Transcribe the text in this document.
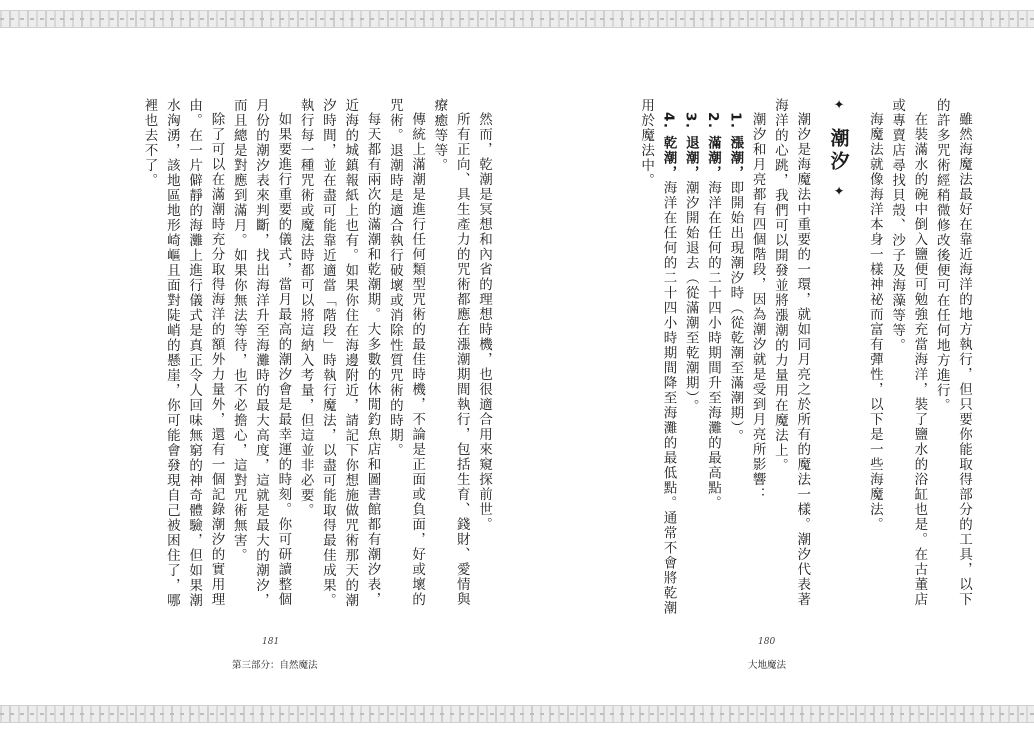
雖然海魔法最好在靠近海洋的地方執行，但只要你能取得部分的工具，以下的許多咒術經稍微修改後便可在任何地方進行。

在裝滿水的碗中倒入鹽便可勉強充當海洋，裝了鹽水的浴缸也是。在古董店或專賣店尋找貝殼、沙子及海藻等等。

海魔法就像海洋本身一樣神祕而富有彈性，以下是一些海魔法。

✦ 潮汐 ✦

潮汐是海魔法中重要的一環，就如同月亮之於所有的魔法一樣。潮汐代表著海洋的心跳，我們可以開發並將漲潮的力量用在魔法上。

潮汐和月亮都有四個階段，因為潮汐就是受到月亮所影響：

1. 漲潮，即開始出現潮汐時（從乾潮至滿潮期）。

2. 滿潮，海洋在任何的二十四小時期間升至海灘的最高點。

3. 退潮，潮汐開始退去（從滿潮至乾潮期）。

4. 乾潮，海洋在任何的二十四小時期間降至海灘的最低點。通常不會將乾潮用於魔法中。

然而，乾潮是冥想和內省的理想時機，也很適合用來窺探前世。

所有正向、具生產力的咒術都應在漲潮期間執行，包括生育、錢財、愛情與療癒等等。

傳統上滿潮是進行任何類型咒術的最佳時機，不論是正面或負面，好或壞的咒術。退潮時是適合執行破壞或消除性質咒術的時期。

每天都有兩次的滿潮和乾潮期。大多數的休閒釣魚店和圖書館都有潮汐表，近海的城鎮報紙上也有。如果你住在海邊附近，請記下你想施做咒術那天的潮汐時間，並在盡可能靠近適當「階段」時執行魔法，以盡可能取得最佳成果。執行每一種咒術或魔法時都可以將這納入考量，但這並非必要。

如果要進行重要的儀式，當月最高的潮汐會是最幸運的時刻。你可研讀整個月份的潮汐表來判斷，找出海洋升至海灘時的最大高度，這就是最大的潮汐，而且總是對應到滿月。如果你無法等待，也不必擔心，這對咒術無害。

除了可以在滿潮時充分取得海洋的額外力量外，還有一個記錄潮汐的實用理由。在一片僻靜的海灘上進行儀式是真正令人回味無窮的神奇體驗，但如果潮水洶湧，該地區地形崎嶇且面對陡峭的懸崖，你可能會發現自己被困住了，哪裡也去不了。

181	180
第三部分：自然魔法	大地魔法
